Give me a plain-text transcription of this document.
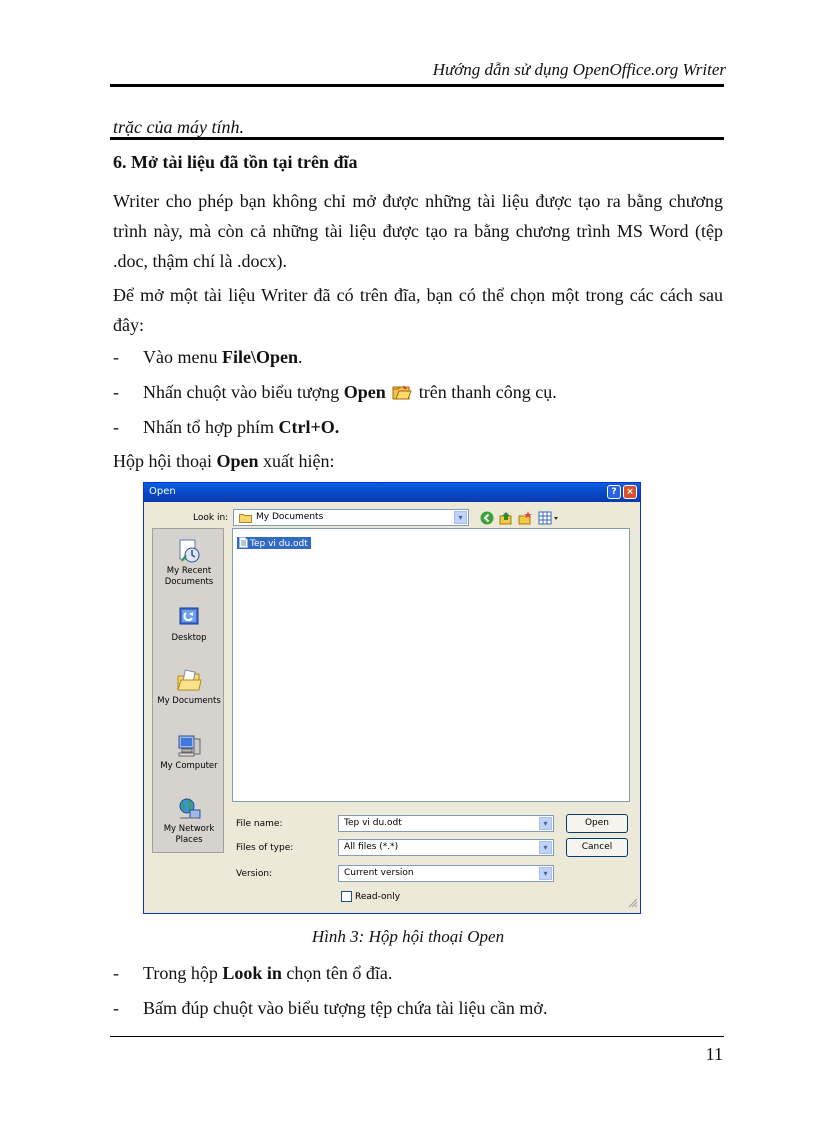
Hướng dẫn sử dụng OpenOffice.org Writer
trặc của máy tính.
6. Mở tài liệu đã tồn tại trên đĩa
Writer cho phép bạn không chỉ mở được những tài liệu được tạo ra bằng chương trình này, mà còn cả những tài liệu được tạo ra bằng chương trình MS Word (tệp .doc, thậm chí là .docx).
Để mở một tài liệu Writer đã có trên đĩa, bạn có thể chọn một trong các cách sau đây:
- Vào menu File\Open.
- Nhấn chuột vào biểu tượng Open  trên thanh công cụ.
- Nhấn tổ hợp phím Ctrl+O.
Hộp hội thoại Open xuất hiện:
Open	?	×
Look in:	My Documents	▾
My Recent Documents
Desktop
My Documents
My Computer
My Network Places
Tep vi du.odt
File name:	Tep vi du.odt	▾	Open
Files of type:	All files (*.*)	▾	Cancel
Version:	Current version	▾
Read-only
Hình 3: Hộp hội thoại Open
- Trong hộp Look in chọn tên ổ đĩa.
- Bấm đúp chuột vào biểu tượng tệp chứa tài liệu cần mở.
11
